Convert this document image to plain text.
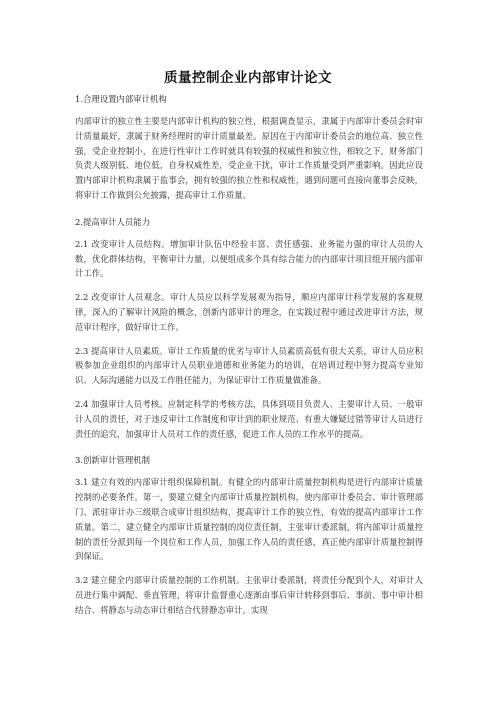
质量控制企业内部审计论文
1.合理设置内部审计机构

内部审计的独立性主要是内部审计机构的独立性，根据调查显示，隶属于内部审计委员会时审计质量最好，隶属于财务经理时的审计质量最差。原因在于内部审计委员会的地位高、独立性强，受企业控制小，在进行性审计工作时就具有较强的权威性和独立性，相较之下，财务部门负责人级别低、地位低，自身权威性差，受企业干扰，审计工作质量受到严重影响。因此应设置内部审计机构隶属于监事会，拥有较强的独立性和权威性，遇到问题可直接向董事会反映，将审计工作做到公允披露，提高审计工作质量。

2.提高审计人员能力

2.1 改变审计人员结构。增加审计队伍中经验丰富、责任感强、业务能力强的审计人员的人数，优化群体结构，平衡审计力量，以便组成多个具有综合能力的内部审计项目组开展内部审计工作。

2.2 改变审计人员观念。审计人员应以科学发展观为指导，顺应内部审计科学发展的客观规律，深入的了解审计风险的概念，创新内部审计的理念，在实践过程中通过改进审计方法，规范审计程序，做好审计工作。

2.3 提高审计人员素质。审计工作质量的优劣与审计人员素质高低有很大关系，审计人员应积极参加企业组织的内部审计人员职业道德和业务能力的培训，在培训过程中努力提高专业知识、人际沟通能力以及工作胜任能力，为保证审计工作质量做准备。

2.4 加强审计人员考核。应制定科学的考核方法，具体到项目负责人、主要审计人员、一般审计人员的责任，对于违反审计工作制度和审计到的职业规范、有重大嫌疑过错等审计人员进行责任的追究，加强审计人员对工作的责任感，促进工作人员的工作水平的提高。

3.创新审计管理机制

3.1 建立有效的内部审计组织保障机制。有健全的内部审计质量控制机构是进行内部审计质量控制的必要条件。第一，要建立健全内部审计质量控制机构，使内部审计委员会、审计管理部门、派驻审计办三级联合成审计组织结构，提高审计工作的独立性，有效的提高内部审计工作质量。第二，建立健全内部审计质量控制的岗位责任制，主张审计委派制，将内部审计质量控制的责任分派到每一个岗位和工作人员，加强工作人员的责任感，真正使内部审计质量控制得到保证。

3.2 建立健全内部审计质量控制的工作机制。主张审计委派制，将责任分配到个人，对审计人员进行集中调配、垂直管理，将审计监督重心逐渐由事后审计转移到事后、事前、事中审计相结合、将静态与动态审计相结合代替静态审计，实现
